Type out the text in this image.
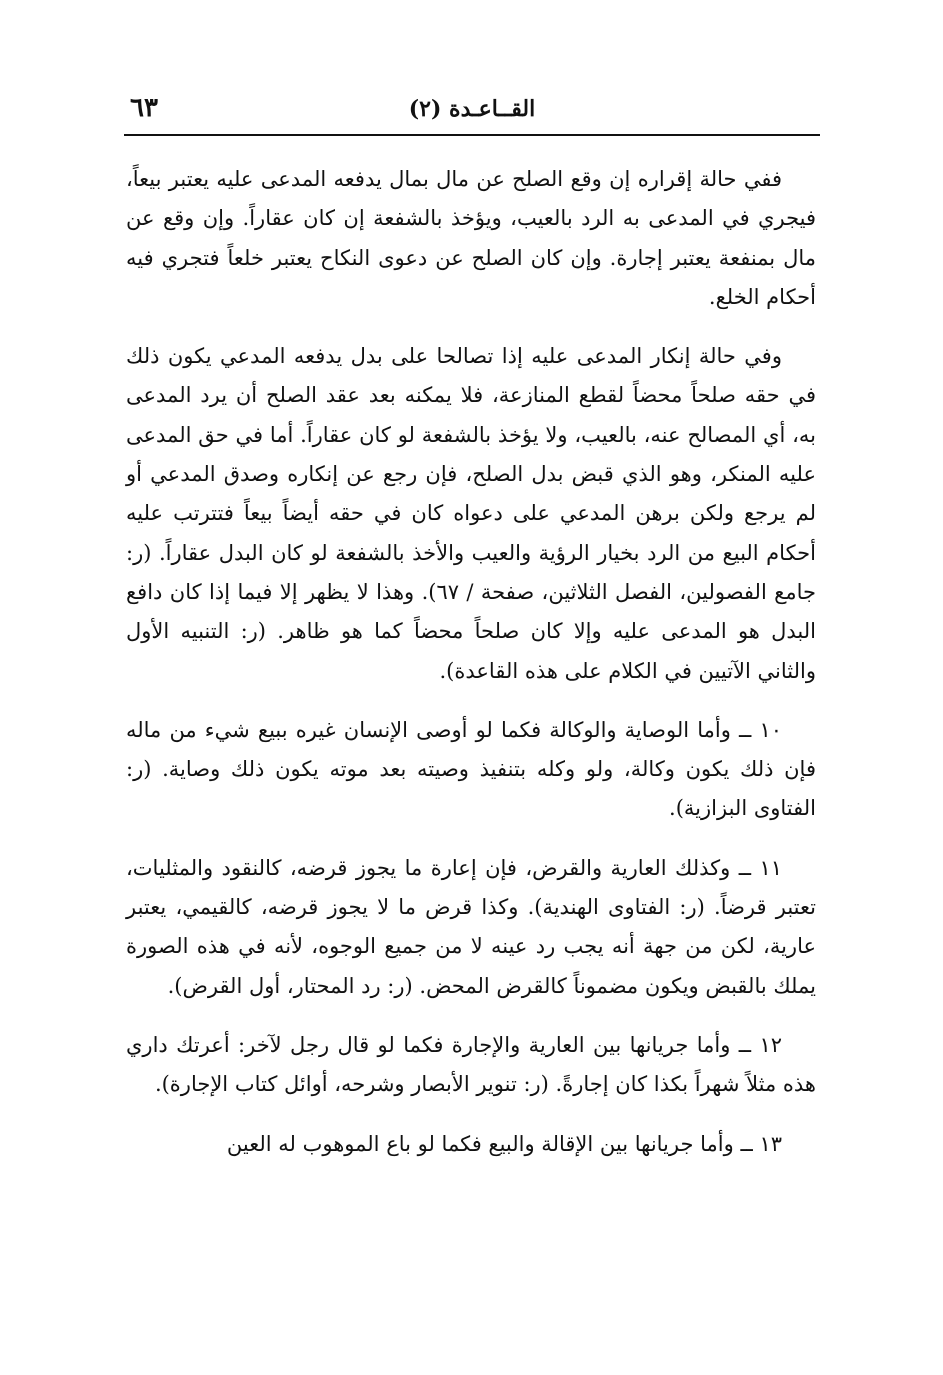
القــاعـدة (٢)
٦٣

ففي حالة إقراره إن وقع الصلح عن مال بمال يدفعه المدعى عليه يعتبر بيعاً، فيجري في المدعى به الرد بالعيب، ويؤخذ بالشفعة إن كان عقاراً. وإن وقع عن مال بمنفعة يعتبر إجارة. وإن كان الصلح عن دعوى النكاح يعتبر خلعاً فتجري فيه أحكام الخلع.

وفي حالة إنكار المدعى عليه إذا تصالحا على بدل يدفعه المدعي يكون ذلك في حقه صلحاً محضاً لقطع المنازعة، فلا يمكنه بعد عقد الصلح أن يرد المدعى به، أي المصالح عنه، بالعيب، ولا يؤخذ بالشفعة لو كان عقاراً. أما في حق المدعى عليه المنكر، وهو الذي قبض بدل الصلح، فإن رجع عن إنكاره وصدق المدعي أو لم يرجع ولكن برهن المدعي على دعواه كان في حقه أيضاً بيعاً فتترتب عليه أحكام البيع من الرد بخيار الرؤية والعيب والأخذ بالشفعة لو كان البدل عقاراً. (ر: جامع الفصولين، الفصل الثلاثين، صفحة / ٦٧). وهذا لا يظهر إلا فيما إذا كان دافع البدل هو المدعى عليه وإلا كان صلحاً محضاً كما هو ظاهر. (ر: التنبيه الأول والثاني الآتيين في الكلام على هذه القاعدة).

١٠ ــ وأما الوصاية والوكالة فكما لو أوصى الإنسان غيره ببيع شيء من ماله فإن ذلك يكون وكالة، ولو وكله بتنفيذ وصيته بعد موته يكون ذلك وصاية. (ر: الفتاوى البزازية).

١١ ــ وكذلك العارية والقرض، فإن إعارة ما يجوز قرضه، كالنقود والمثليات، تعتبر قرضاً. (ر: الفتاوى الهندية). وكذا قرض ما لا يجوز قرضه، كالقيمي، يعتبر عارية، لكن من جهة أنه يجب رد عينه لا من جميع الوجوه، لأنه في هذه الصورة يملك بالقبض ويكون مضموناً كالقرض المحض. (ر: رد المحتار، أول القرض).

١٢ ــ وأما جريانها بين العارية والإجارة فكما لو قال رجل لآخر: أعرتك داري هذه مثلاً شهراً بكذا كان إجارةً. (ر: تنوير الأبصار وشرحه، أوائل كتاب الإجارة).

١٣ ــ وأما جريانها بين الإقالة والبيع فكما لو باع الموهوب له العين
